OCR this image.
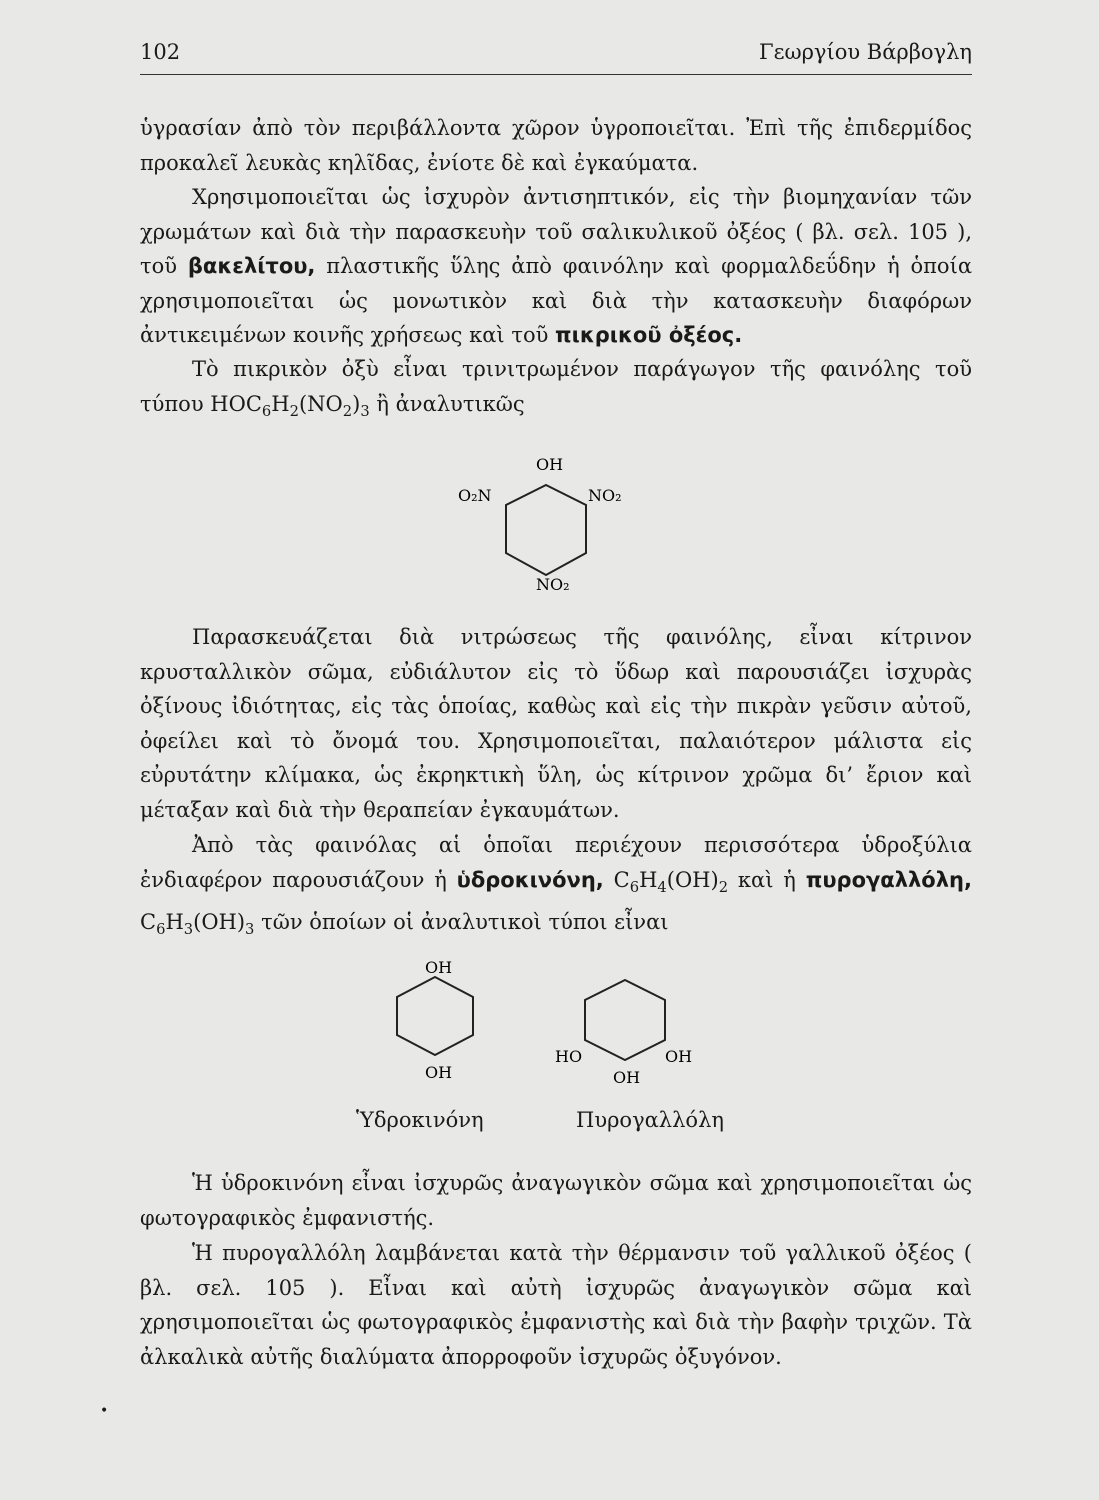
102	Γεωργίου Βάρβογλη
ὑγρασίαν ἀπὸ τὸν περιβάλλοντα χῶρον ὑγροποιεῖται. Ἐπὶ τῆς ἐπιδερμίδος προκαλεῖ λευκὰς κηλῖδας, ἐνίοτε δὲ καὶ ἐγκαύματα.
Χρησιμοποιεῖται ὡς ἰσχυρὸν ἀντισηπτικόν, εἰς τὴν βιομηχανίαν τῶν χρωμάτων καὶ διὰ τὴν παρασκευὴν τοῦ σαλικυλικοῦ ὀξέος ( βλ. σελ. 105 ), τοῦ βακελίτου, πλαστικῆς ὕλης ἀπὸ φαινόλην καὶ φορμαλδεΰδην ἡ ὁποία χρησιμοποιεῖται ὡς μονωτικὸν καὶ διὰ τὴν κατασκευὴν διαφόρων ἀντικειμένων κοινῆς χρήσεως καὶ τοῦ πικρικοῦ ὀξέος.
Τὸ πικρικὸν ὀξὺ εἶναι τρινιτρωμένον παράγωγον τῆς φαινόλης τοῦ τύπου $HOC_6H_2(NO_2)_3$ ἢ ἀναλυτικῶς
OH
O₂N	NO₂
NO₂
Παρασκευάζεται διὰ νιτρώσεως τῆς φαινόλης, εἶναι κίτρινον κρυσταλλικὸν σῶμα, εὐδιάλυτον εἰς τὸ ὕδωρ καὶ παρουσιάζει ἰσχυρὰς ὀξίνους ἰδιότητας, εἰς τὰς ὁποίας, καθὼς καὶ εἰς τὴν πικρὰν γεῦσιν αὐτοῦ, ὀφείλει καὶ τὸ ὄνομά του. Χρησιμοποιεῖται, παλαιότερον μάλιστα εἰς εὐρυτάτην κλίμακα, ὡς ἐκρηκτικὴ ὕλη, ὡς κίτρινον χρῶμα δι’ ἔριον καὶ μέταξαν καὶ διὰ τὴν θεραπείαν ἐγκαυμάτων.
Ἀπὸ τὰς φαινόλας αἱ ὁποῖαι περιέχουν περισσότερα ὑδροξύλια ἐνδιαφέρον παρουσιάζουν ἡ ὑδροκινόνη, $C_6H_4(OH)_2$ καὶ ἡ πυρογαλλόλη, $C_6H_3(OH)_3$ τῶν ὁποίων οἱ ἀναλυτικοὶ τύποι εἶναι
OH
OH
HO	OH
OH
Ὑδροκινόνη	Πυρογαλλόλη
Ἡ ὑδροκινόνη εἶναι ἰσχυρῶς ἀναγωγικὸν σῶμα καὶ χρησιμοποιεῖται ὡς φωτογραφικὸς ἐμφανιστής.
Ἡ πυρογαλλόλη λαμβάνεται κατὰ τὴν θέρμανσιν τοῦ γαλλικοῦ ὀξέος ( βλ. σελ. 105 ). Εἶναι καὶ αὐτὴ ἰσχυρῶς ἀναγωγικὸν σῶμα καὶ χρησιμοποιεῖται ὡς φωτογραφικὸς ἐμφανιστὴς καὶ διὰ τὴν βαφὴν τριχῶν. Τὰ ἀλκαλικὰ αὐτῆς διαλύματα ἀπορροφοῦν ἰσχυρῶς ὀξυγόνον.
•
